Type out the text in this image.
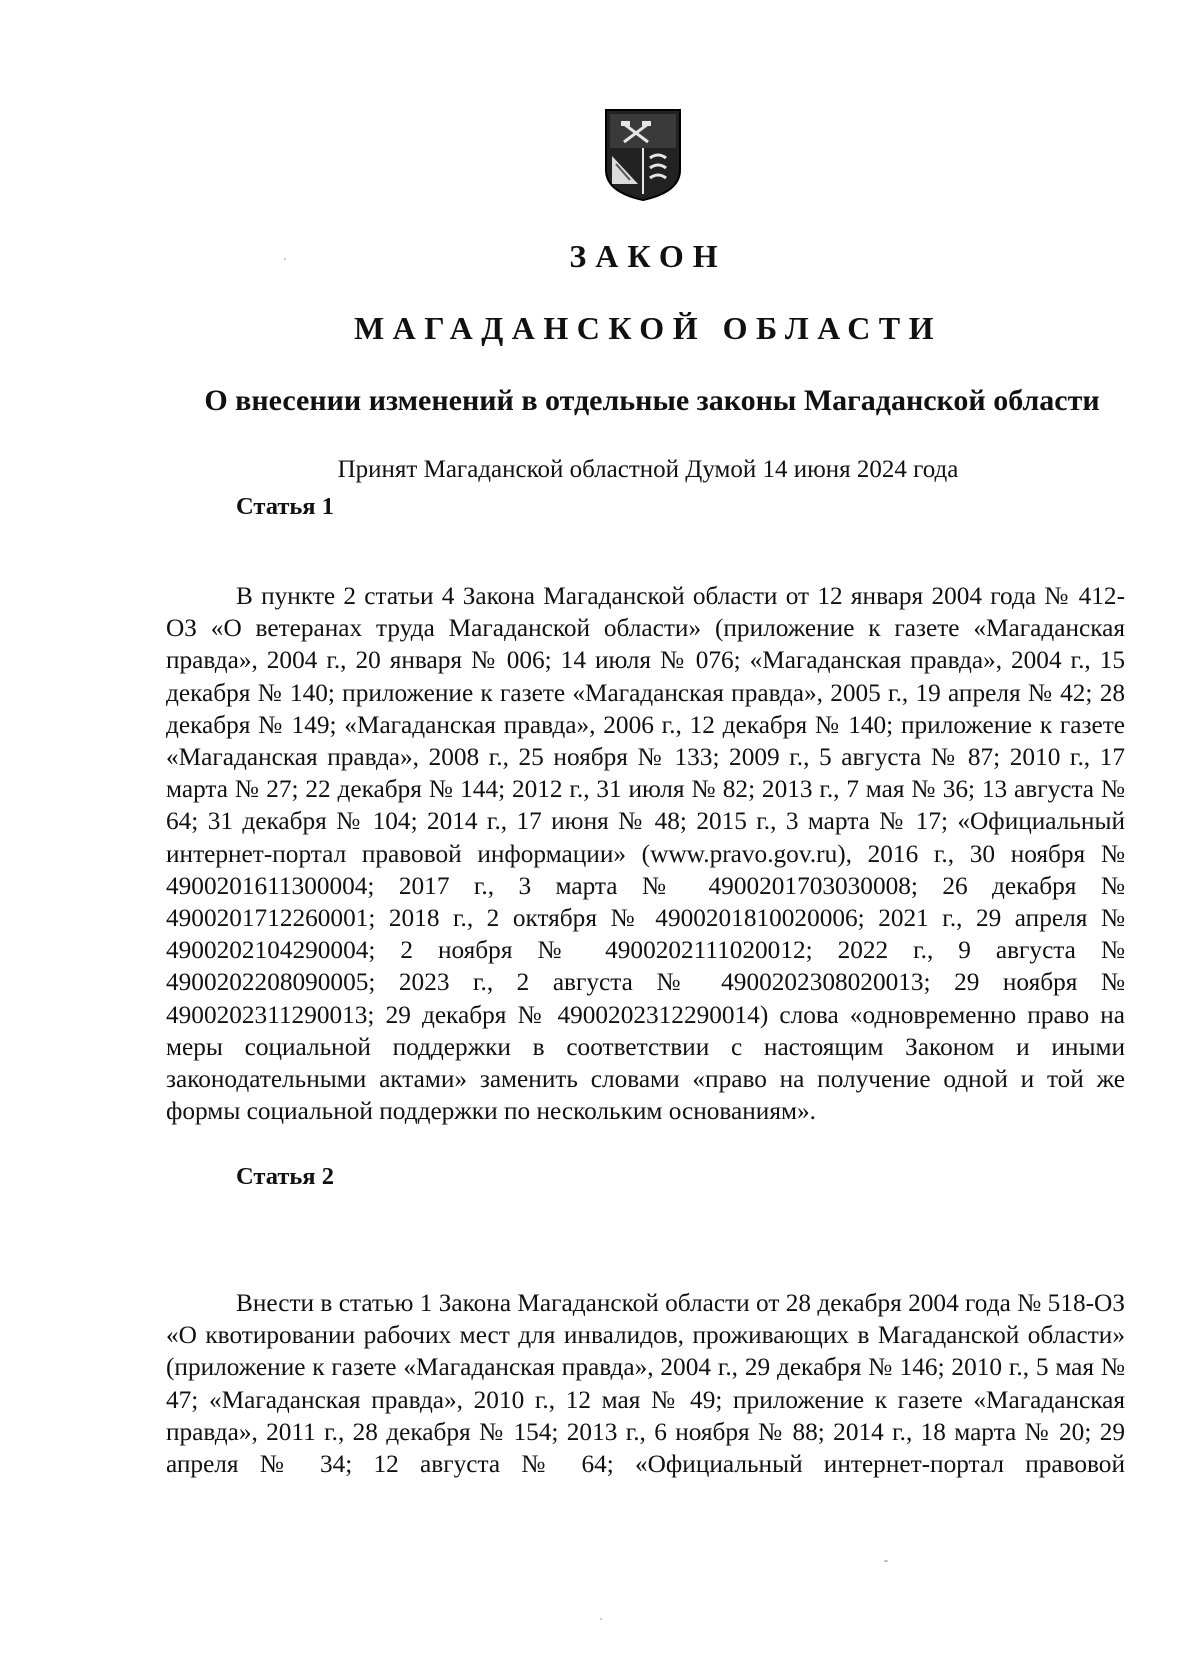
ЗАКОН
МАГАДАНСКОЙ ОБЛАСТИ
О внесении изменений в отдельные законы Магаданской области
Принят Магаданской областной Думой 14 июня 2024 года
Статья 1
В пункте 2 статьи 4 Закона Магаданской области от 12 января 2004 года № 412-ОЗ «О ветеранах труда Магаданской области» (приложение к газете «Магаданская правда», 2004 г., 20 января № 006; 14 июля № 076; «Магаданская правда», 2004 г., 15 декабря № 140; приложение к газете «Магаданская правда», 2005 г., 19 апреля № 42; 28 декабря № 149; «Магаданская правда», 2006 г., 12 декабря № 140; приложение к газете «Магаданская правда», 2008 г., 25 ноября № 133; 2009 г., 5 августа № 87; 2010 г., 17 марта № 27; 22 декабря № 144; 2012 г., 31 июля № 82; 2013 г., 7 мая № 36; 13 августа № 64; 31 декабря № 104; 2014 г., 17 июня № 48; 2015 г., 3 марта № 17; «Официальный интернет-портал правовой информации» (www.pravo.gov.ru), 2016 г., 30 ноября № 4900201611300004; 2017 г., 3 марта № 4900201703030008; 26 декабря № 4900201712260001; 2018 г., 2 октября № 4900201810020006; 2021 г., 29 апреля № 4900202104290004; 2 ноября № 4900202111020012; 2022 г., 9 августа № 4900202208090005; 2023 г., 2 августа № 4900202308020013; 29 ноября № 4900202311290013; 29 декабря № 4900202312290014) слова «одновременно право на меры социальной поддержки в соответствии с настоящим Законом и иными законодательными актами» заменить словами «право на получение одной и той же формы социальной поддержки по нескольким основаниям».
Статья 2
Внести в статью 1 Закона Магаданской области от 28 декабря 2004 года № 518-ОЗ «О квотировании рабочих мест для инвалидов, проживающих в Магаданской области» (приложение к газете «Магаданская правда», 2004 г., 29 декабря № 146; 2010 г., 5 мая № 47; «Магаданская правда», 2010 г., 12 мая № 49; приложение к газете «Магаданская правда», 2011 г., 28 декабря № 154; 2013 г., 6 ноября № 88; 2014 г., 18 марта № 20; 29 апреля № 34; 12 августа № 64; «Официальный интернет-портал правовой
